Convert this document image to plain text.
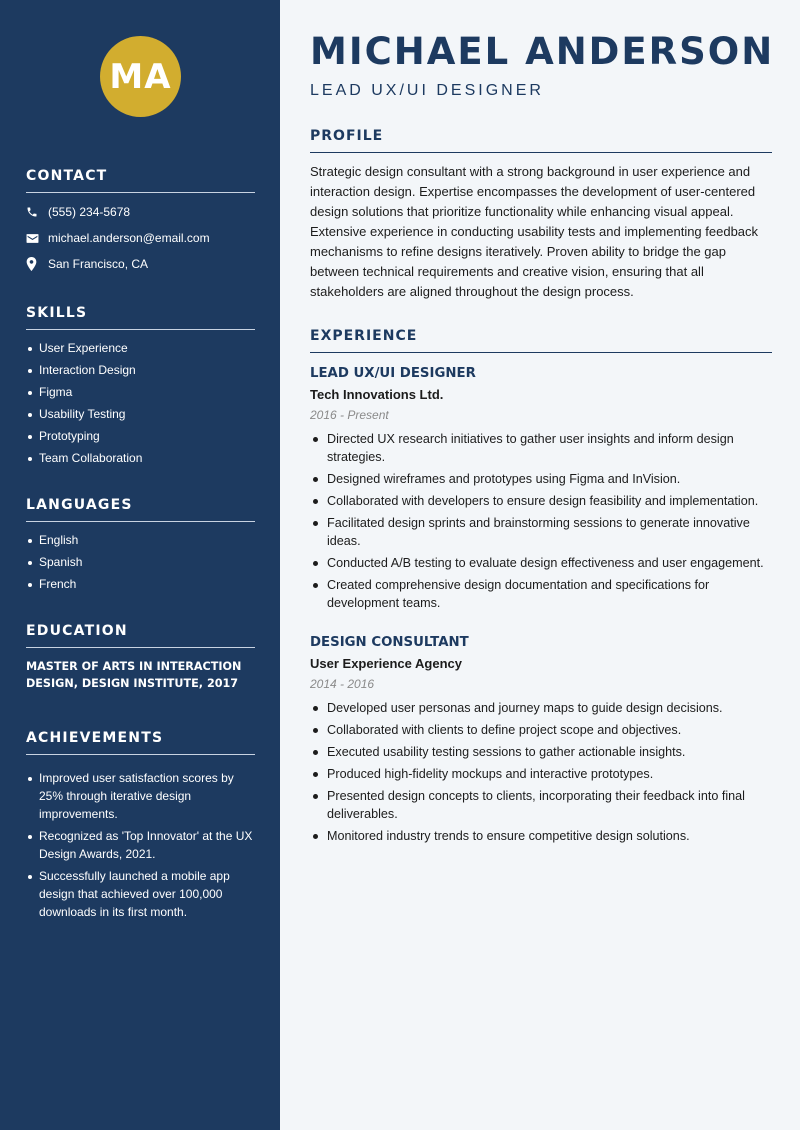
MA
CONTACT
(555) 234-5678
michael.anderson@email.com
San Francisco, CA
SKILLS
User Experience
Interaction Design
Figma
Usability Testing
Prototyping
Team Collaboration
LANGUAGES
English
Spanish
French
EDUCATION
MASTER OF ARTS IN INTERACTION DESIGN, DESIGN INSTITUTE, 2017
ACHIEVEMENTS
Improved user satisfaction scores by 25% through iterative design improvements.
Recognized as 'Top Innovator' at the UX Design Awards, 2021.
Successfully launched a mobile app design that achieved over 100,000 downloads in its first month.
MICHAEL ANDERSON
LEAD UX/UI DESIGNER
PROFILE
Strategic design consultant with a strong background in user experience and interaction design. Expertise encompasses the development of user-centered design solutions that prioritize functionality while enhancing visual appeal. Extensive experience in conducting usability tests and implementing feedback mechanisms to refine designs iteratively. Proven ability to bridge the gap between technical requirements and creative vision, ensuring that all stakeholders are aligned throughout the design process.
EXPERIENCE
LEAD UX/UI DESIGNER
Tech Innovations Ltd.
2016 - Present
Directed UX research initiatives to gather user insights and inform design strategies.
Designed wireframes and prototypes using Figma and InVision.
Collaborated with developers to ensure design feasibility and implementation.
Facilitated design sprints and brainstorming sessions to generate innovative ideas.
Conducted A/B testing to evaluate design effectiveness and user engagement.
Created comprehensive design documentation and specifications for development teams.
DESIGN CONSULTANT
User Experience Agency
2014 - 2016
Developed user personas and journey maps to guide design decisions.
Collaborated with clients to define project scope and objectives.
Executed usability testing sessions to gather actionable insights.
Produced high-fidelity mockups and interactive prototypes.
Presented design concepts to clients, incorporating their feedback into final deliverables.
Monitored industry trends to ensure competitive design solutions.
